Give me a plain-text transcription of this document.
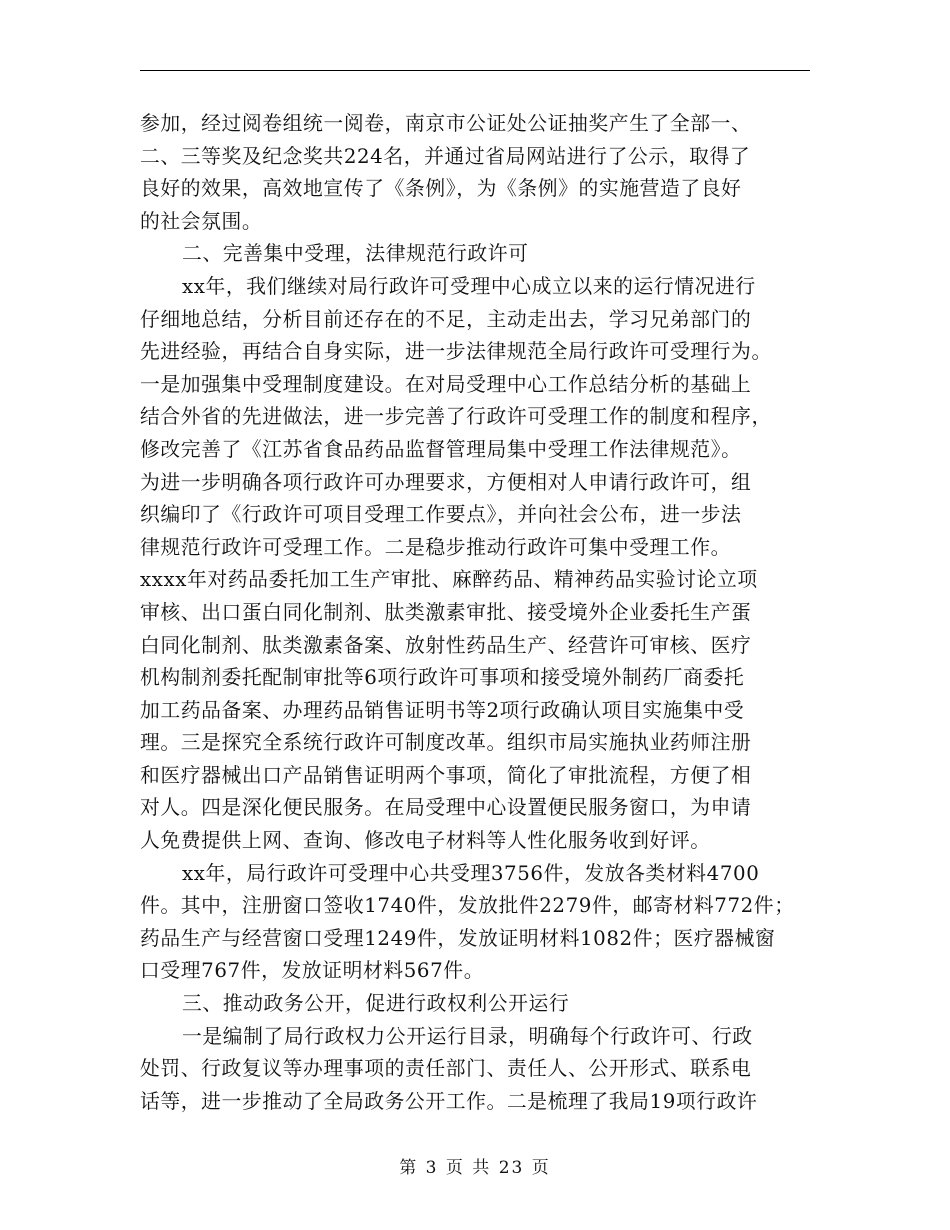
参加，经过阅卷组统一阅卷，南京市公证处公证抽奖产生了全部一、
二、三等奖及纪念奖共224名，并通过省局网站进行了公示，取得了
良好的效果，高效地宣传了《条例》，为《条例》的实施营造了良好
的社会氛围。
二、完善集中受理，法律规范行政许可
xx年，我们继续对局行政许可受理中心成立以来的运行情况进行
仔细地总结，分析目前还存在的不足，主动走出去，学习兄弟部门的
先进经验，再结合自身实际，进一步法律规范全局行政许可受理行为。
一是加强集中受理制度建设。在对局受理中心工作总结分析的基础上
结合外省的先进做法，进一步完善了行政许可受理工作的制度和程序，
修改完善了《江苏省食品药品监督管理局集中受理工作法律规范》。
为进一步明确各项行政许可办理要求，方便相对人申请行政许可，组
织编印了《行政许可项目受理工作要点》，并向社会公布，进一步法
律规范行政许可受理工作。二是稳步推动行政许可集中受理工作。
xxxx年对药品委托加工生产审批、麻醉药品、精神药品实验讨论立项
审核、出口蛋白同化制剂、肽类激素审批、接受境外企业委托生产蛋
白同化制剂、肽类激素备案、放射性药品生产、经营许可审核、医疗
机构制剂委托配制审批等6项行政许可事项和接受境外制药厂商委托
加工药品备案、办理药品销售证明书等2项行政确认项目实施集中受
理。三是探究全系统行政许可制度改革。组织市局实施执业药师注册
和医疗器械出口产品销售证明两个事项，简化了审批流程，方便了相
对人。四是深化便民服务。在局受理中心设置便民服务窗口，为申请
人免费提供上网、查询、修改电子材料等人性化服务收到好评。
xx年，局行政许可受理中心共受理3756件，发放各类材料4700
件。其中，注册窗口签收1740件，发放批件2279件，邮寄材料772件；
药品生产与经营窗口受理1249件，发放证明材料1082件；医疗器械窗
口受理767件，发放证明材料567件。
三、推动政务公开，促进行政权利公开运行
一是编制了局行政权力公开运行目录，明确每个行政许可、行政
处罚、行政复议等办理事项的责任部门、责任人、公开形式、联系电
话等，进一步推动了全局政务公开工作。二是梳理了我局19项行政许
第 3 页 共 23 页
